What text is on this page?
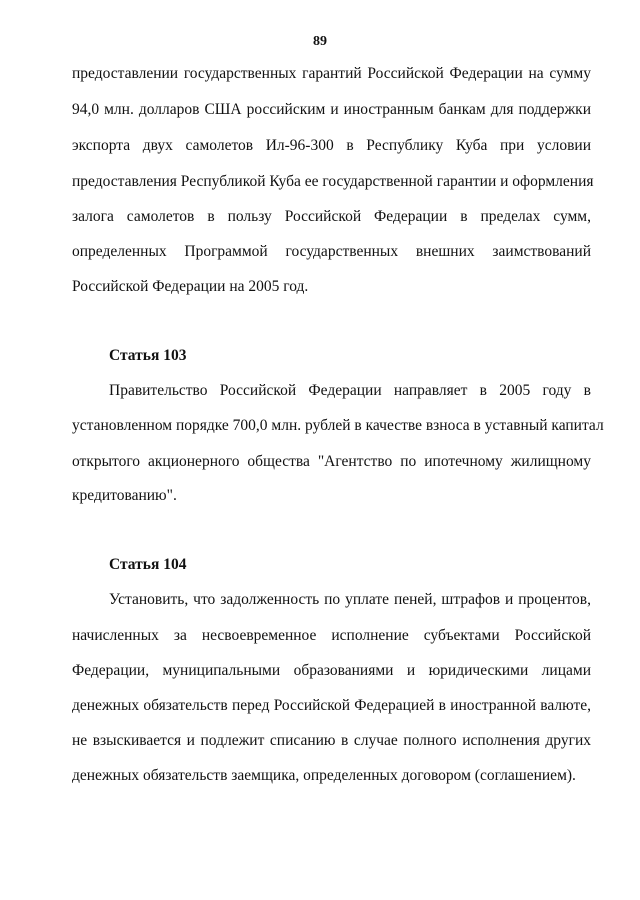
89
предоставлении государственных гарантий Российской Федерации на сумму
94,0 млн. долларов США российским и иностранным банкам для поддержки
экспорта двух самолетов Ил-96-300 в Республику Куба при условии
предоставления Республикой Куба ее государственной гарантии и оформления
залога самолетов в пользу Российской Федерации в пределах сумм,
определенных Программой государственных внешних заимствований
Российской Федерации на 2005 год.
Статья 103
Правительство Российской Федерации направляет в 2005 году в
установленном порядке 700,0 млн. рублей в качестве взноса в уставный капитал
открытого акционерного общества "Агентство по ипотечному жилищному
кредитованию".
Статья 104
Установить, что задолженность по уплате пеней, штрафов и процентов,
начисленных за несвоевременное исполнение субъектами Российской
Федерации, муниципальными образованиями и юридическими лицами
денежных обязательств перед Российской Федерацией в иностранной валюте,
не взыскивается и подлежит списанию в случае полного исполнения других
денежных обязательств заемщика, определенных договором (соглашением).
